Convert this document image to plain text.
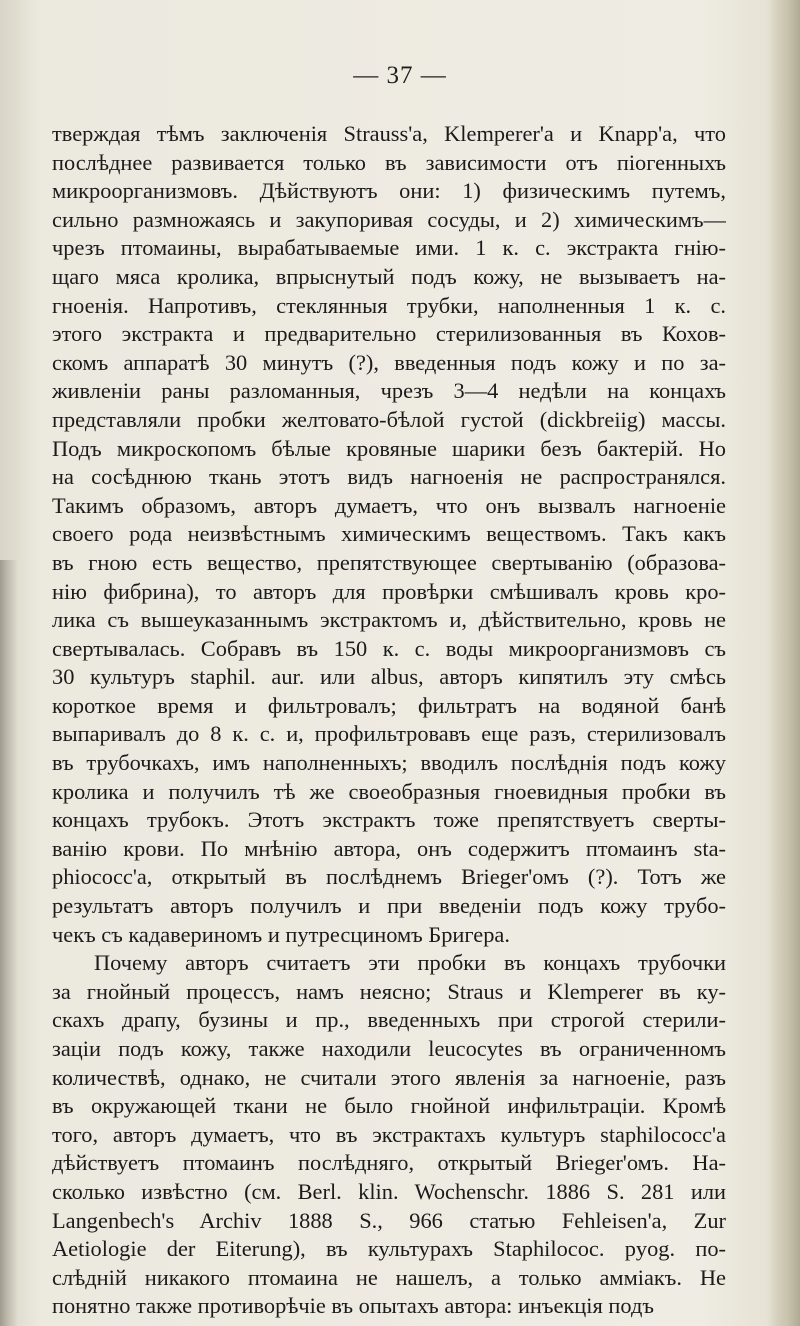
— 37 —
тверждая тѣмъ заключенія Strauss'а, Klemperer'а и Knарр'а, что
послѣднее развивается только въ зависимости отъ піогенныхъ
микроорганизмовъ. Дѣйствуютъ они: 1) физическимъ путемъ,
сильно размножаясь и закупоривая сосуды, и 2) химическимъ—
чрезъ птомаины, вырабатываемые ими. 1 к. с. экстракта гнію-
щаго мяса кролика, впрыснутый подъ кожу, не вызываетъ на-
гноенія. Напротивъ, стеклянныя трубки, наполненныя 1 к. с.
этого экстракта и предварительно стерилизованныя въ Кохов-
скомъ аппаратѣ 30 минутъ (?), введенныя подъ кожу и по за-
живленіи раны разломанныя, чрезъ 3—4 недѣли на концахъ
представляли пробки желтовато-бѣлой густой (dickbreiig) массы.
Подъ микроскопомъ бѣлые кровяные шарики безъ бактерій. Но
на сосѣднюю ткань этотъ видъ нагноенія не распространялся.
Такимъ образомъ, авторъ думаетъ, что онъ вызвалъ нагноеніе
своего рода неизвѣстнымъ химическимъ веществомъ. Такъ какъ
въ гною есть вещество, препятствующее свертыванію (образова-
нію фибрина), то авторъ для провѣрки смѣшивалъ кровь кро-
лика съ вышеуказаннымъ экстрактомъ и, дѣйствительно, кровь не
свертывалась. Собравъ въ 150 к. с. воды микроорганизмовъ съ
30 культуръ staphil. aur. или albus, авторъ кипятилъ эту смѣсь
короткое время и фильтровалъ; фильтратъ на водяной банѣ
выпаривалъ до 8 к. с. и, профильтровавъ еще разъ, стерилизовалъ
въ трубочкахъ, имъ наполненныхъ; вводилъ послѣднія подъ кожу
кролика и получилъ тѣ же своеобразныя гноевидныя пробки въ
концахъ трубокъ. Этотъ экстрактъ тоже препятствуетъ сверты-
ванію крови. По мнѣнію автора, онъ содержитъ птомаинъ sta-
phiococc'а, открытый въ послѣднемъ Brieger'омъ (?). Тотъ же
результатъ авторъ получилъ и при введеніи подъ кожу трубо-
чекъ съ кадавериномъ и путресциномъ Бригера.
Почему авторъ считаетъ эти пробки въ концахъ трубочки
за гнойный процессъ, намъ неясно; Straus и Klemperer въ ку-
скахъ драпу, бузины и пр., введенныхъ при строгой стерили-
заціи подъ кожу, также находили leucocytes въ ограниченномъ
количествѣ, однако, не считали этого явленія за нагноеніе, разъ
въ окружающей ткани не было гнойной инфильтраціи. Кромѣ
того, авторъ думаетъ, что въ экстрактахъ культуръ staphilococc'а
дѣйствуетъ птомаинъ послѣдняго, открытый Brieger'омъ. На-
сколько извѣстно (см. Berl. klin. Wochenschr. 1886 S. 281 или
Langenbech's Archiv 1888 S., 966 статью Fehleisen'а, Zur
Aetiologie der Eiterung), въ культурахъ Staphilococ. pyog. по-
слѣдній никакого птомаина не нашелъ, а только амміакъ. Не
понятно также противорѣчіе въ опытахъ автора: инъекція подъ
